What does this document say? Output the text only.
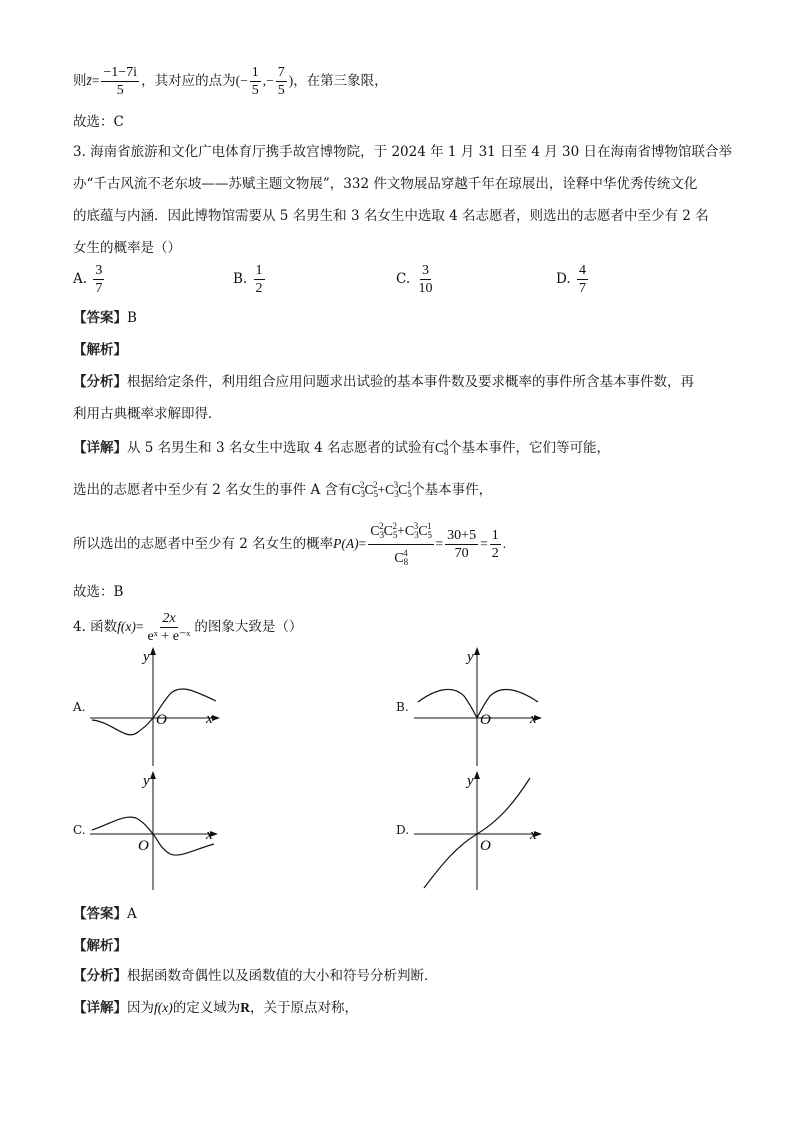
则z̄= $\frac{-1-7i}{5}$ ，其对应的点为(− $\frac{1}{5}$ ,− $\frac{7}{5}$ )，在第三象限，
故选：C
3. 海南省旅游和文化广电体育厅携手故宫博物院，于 2024 年 1 月 31 日至 4 月 30 日在海南省博物馆联合举
办“千古风流不老东坡——苏赋主题文物展”，332 件文物展品穿越千年在琼展出，诠释中华优秀传统文化
的底蕴与内涵．因此博物馆需要从 5 名男生和 3 名女生中选取 4 名志愿者，则选出的志愿者中至少有 2 名
女生的概率是（）
A. $\frac{3}{7}$	B. $\frac{1}{2}$	C. $\frac{3}{10}$	D. $\frac{4}{7}$
【答案】B
【解析】
【分析】根据给定条件，利用组合应用问题求出试验的基本事件数及要求概率的事件所含基本事件数，再
利用古典概率求解即得．
【详解】从 5 名男生和 3 名女生中选取 4 名志愿者的试验有$C_8^4$个基本事件，它们等可能，
选出的志愿者中至少有 2 名女生的事件 A 含有$C_3^2C_5^2+C_3^3C_5^1$个基本事件，
所以选出的志愿者中至少有 2 名女生的概率$P(A)= \frac{C_3^2C_5^2+C_3^3C_5^1}{C_8^4} = \frac{30+5}{70} = \frac{1}{2}$ .
故选：B
4. 函数$f(x)= \frac{2x}{\text{eˣ + e⁻ˣ}}$ 的图象大致是（）
A.	B.
C.	D.
y
x
O
y
x
O
y
x
O
y
x
O
【答案】A
【解析】
【分析】根据函数奇偶性以及函数值的大小和符号分析判断．
【详解】因为f(x)的定义域为R，关于原点对称，
